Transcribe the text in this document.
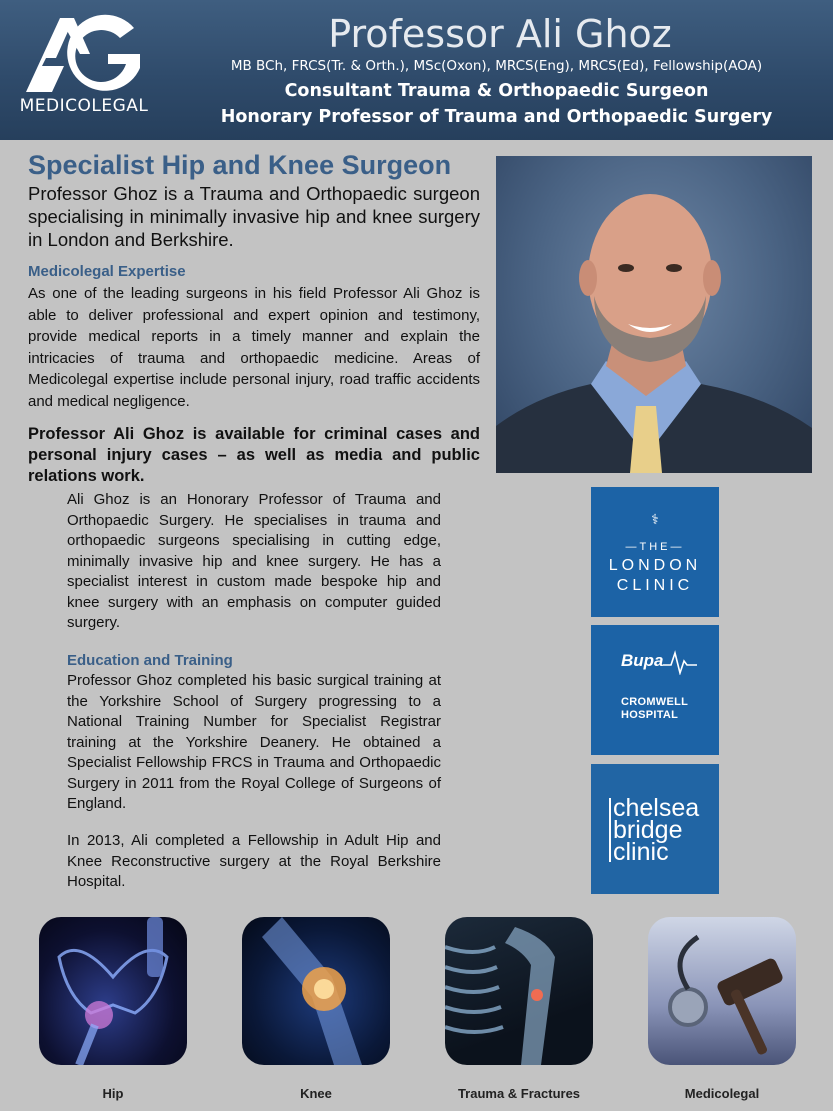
MEDICOLEGAL
Professor Ali Ghoz
MB BCh, FRCS(Tr. & Orth.), MSc(Oxon), MRCS(Eng), MRCS(Ed), Fellowship(AOA)
Consultant Trauma & Orthopaedic Surgeon
Honorary Professor of Trauma and Orthopaedic Surgery
Specialist Hip and Knee Surgeon

Professor Ghoz is a Trauma and Orthopaedic surgeon specialising in minimally invasive hip and knee surgery in London and Berkshire.

Medicolegal Expertise

As one of the leading surgeons in his field Professor Ali Ghoz is able to deliver professional and expert opinion and testimony, provide medical reports in a timely manner and explain the intricacies of trauma and orthopaedic medicine. Areas of Medicolegal expertise include personal injury, road traffic accidents and medical negligence.

Professor Ali Ghoz is available for criminal cases and personal injury cases – as well as media and public relations work.

Ali Ghoz is an Honorary Professor of Trauma and Orthopaedic Surgery. He specialises in trauma and orthopaedic surgeons specialising in cutting edge, minimally invasive hip and knee surgery. He has a specialist interest in custom made bespoke hip and knee surgery with an emphasis on computer guided surgery.

Education and Training

Professor Ghoz completed his basic surgical training at the Yorkshire School of Surgery progressing to a National Training Number for Specialist Registrar training at the Yorkshire Deanery. He obtained a Specialist Fellowship FRCS in Trauma and Orthopaedic Surgery in 2011 from the Royal College of Surgeons of England.

In 2013, Ali completed a Fellowship in Adult Hip and Knee Reconstructive surgery at the Royal Berkshire Hospital.

⚕
—THE—
LONDON
CLINIC
Bupa
CROMWELL
HOSPITAL
chelsea
bridge
clinic
Hip	Knee	Trauma & Fractures	Medicolegal
